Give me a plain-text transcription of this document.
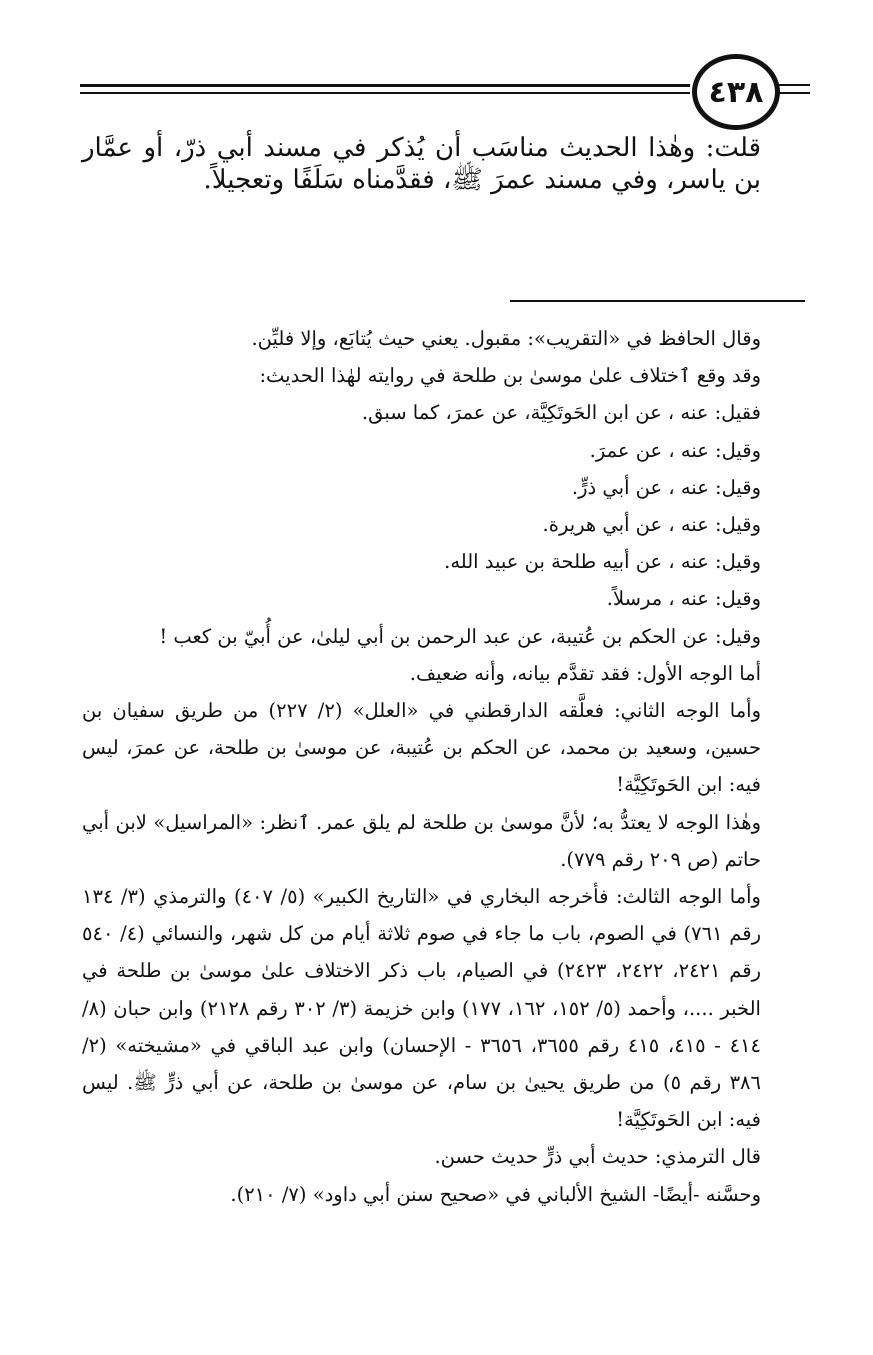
٤٣٨

قلت: وهٰذا الحديث مناسَب أن يُذكر في مسند أبي ذرّ، أو عمَّار بن ياسر، وفي مسند عمرَ ﷺ، فقدَّمناه سَلَفًا وتعجيلاً.

وقال الحافظ في «التقريب»: مقبول. يعني حيث يُتابَع، وإلا فليِّن.

وقد وقع ٱختلاف علىٰ موسىٰ بن طلحة في روايته لهٰذا الحديث:

فقيل: عنه ، عن ابن الحَوتَكِيَّة، عن عمرَ، كما سبق.

وقيل: عنه ، عن عمرَ.

وقيل: عنه ، عن أبي ذرٍّ.

وقيل: عنه ، عن أبي هريرة.

وقيل: عنه ، عن أبيه طلحة بن عبيد الله.

وقيل: عنه ، مرسلاً.

وقيل: عن الحكم بن عُتيبة، عن عبد الرحمن بن أبي ليلىٰ، عن أُبيّ بن كعب !

أما الوجه الأول: فقد تقدَّم بيانه، وأنه ضعيف.

وأما الوجه الثاني: فعلَّقه الدارقطني في «العلل» (٢/ ٢٢٧) من طريق سفيان بن حسين، وسعيد بن محمد، عن الحكم بن عُتيبة، عن موسىٰ بن طلحة، عن عمرَ، ليس فيه: ابن الحَوتَكِيَّة!

وهٰذا الوجه لا يعتدُّ به؛ لأنَّ موسىٰ بن طلحة لم يلق عمر. ٱنظر: «المراسيل» لابن أبي حاتم (ص ٢٠٩ رقم ٧٧٩).

وأما الوجه الثالث: فأخرجه البخاري في «التاريخ الكبير» (٥/ ٤٠٧) والترمذي (٣/ ١٣٤ رقم ٧٦١) في الصوم، باب ما جاء في صوم ثلاثة أيام من كل شهر، والنسائي (٤/ ٥٤٠ رقم ٢٤٢١، ٢٤٢٢، ٢٤٢٣) في الصيام، باب ذكر الاختلاف علىٰ موسىٰ بن طلحة في الخبر ....، وأحمد (٥/ ١٥٢، ١٦٢، ١٧٧) وابن خزيمة (٣/ ٣٠٢ رقم ٢١٢٨) وابن حبان (٨/ ٤١٤ - ٤١٥، ٤١٥ رقم ٣٦٥٥، ٣٦٥٦ - الإحسان) وابن عبد الباقي في «مشيخته» (٢/ ٣٨٦ رقم ٥) من طريق يحيىٰ بن سام، عن موسىٰ بن طلحة، عن أبي ذرٍّ ﷺ. ليس فيه: ابن الحَوتَكِيَّة!

قال الترمذي: حديث أبي ذرٍّ حديث حسن.

وحسَّنه -أيضًا- الشيخ الألباني في «صحيح سنن أبي داود» (٧/ ٢١٠).
